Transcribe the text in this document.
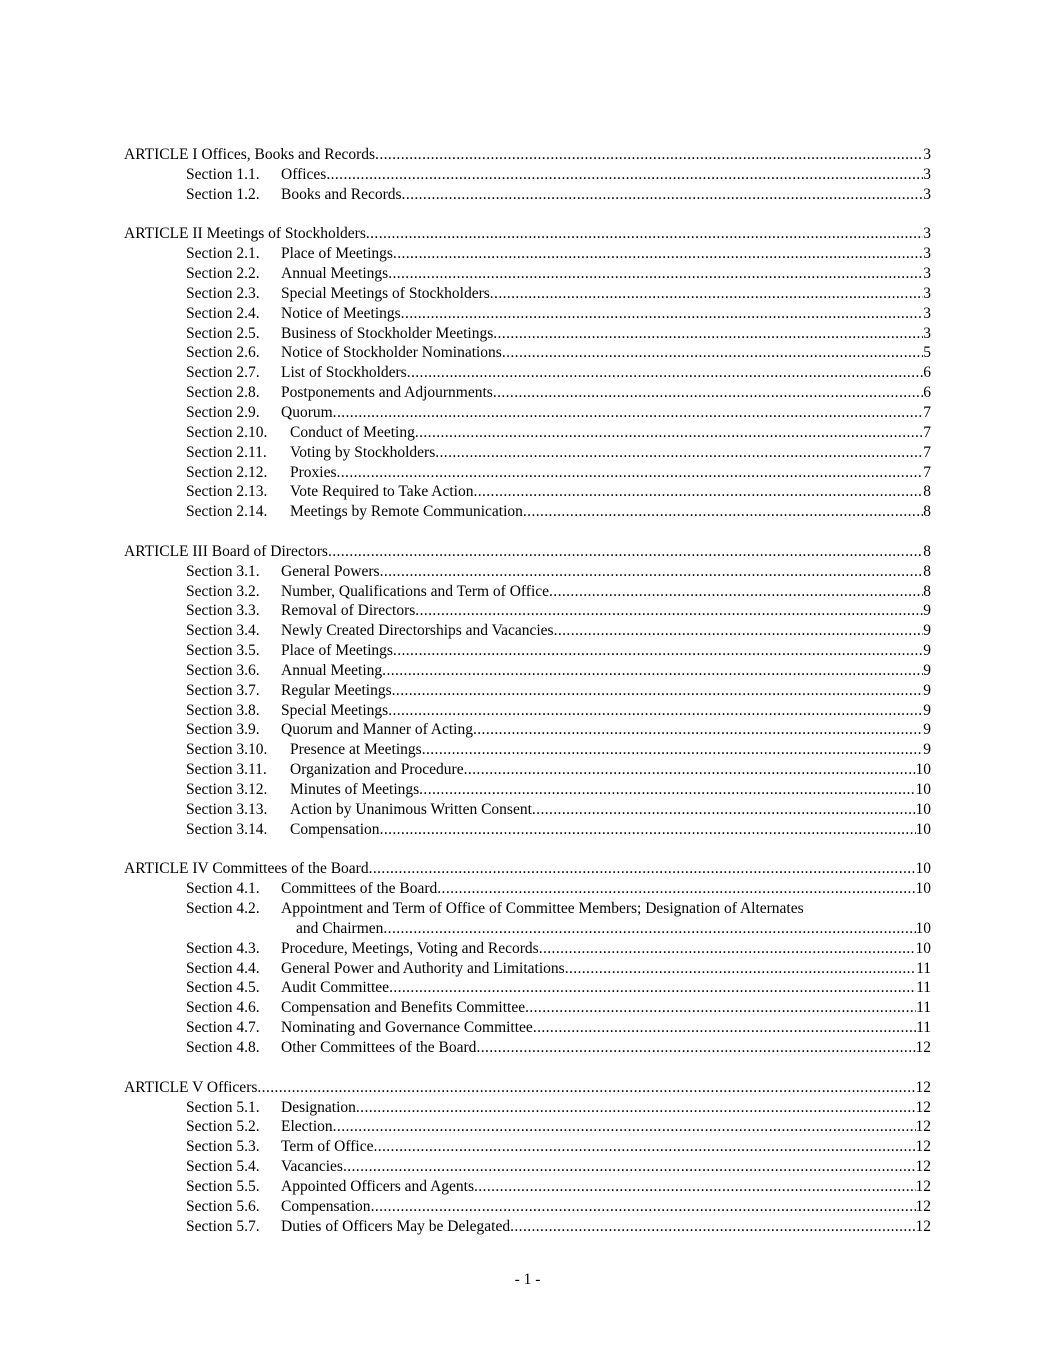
ARTICLE I Offices, Books and Records .....	3
Section 1.1.	Offices .....	3
Section 1.2.	Books and Records .....	3
ARTICLE II Meetings of Stockholders .....	3
Section 2.1.	Place of Meetings .....	3
Section 2.2.	Annual Meetings .....	3
Section 2.3.	Special Meetings of Stockholders .....	3
Section 2.4.	Notice of Meetings .....	3
Section 2.5.	Business of Stockholder Meetings .....	3
Section 2.6.	Notice of Stockholder Nominations .....	5
Section 2.7.	List of Stockholders .....	6
Section 2.8.	Postponements and Adjournments .....	6
Section 2.9.	Quorum .....	7
Section 2.10.	Conduct of Meeting .....	7
Section 2.11.	Voting by Stockholders .....	7
Section 2.12.	Proxies .....	7
Section 2.13.	Vote Required to Take Action .....	8
Section 2.14.	Meetings by Remote Communication .....	8
ARTICLE III Board of Directors .....	8
Section 3.1.	General Powers .....	8
Section 3.2.	Number, Qualifications and Term of Office .....	8
Section 3.3.	Removal of Directors .....	9
Section 3.4.	Newly Created Directorships and Vacancies .....	9
Section 3.5.	Place of Meetings .....	9
Section 3.6.	Annual Meeting .....	9
Section 3.7.	Regular Meetings .....	9
Section 3.8.	Special Meetings .....	9
Section 3.9.	Quorum and Manner of Acting .....	9
Section 3.10.	Presence at Meetings .....	9
Section 3.11.	Organization and Procedure .....	10
Section 3.12.	Minutes of Meetings .....	10
Section 3.13.	Action by Unanimous Written Consent .....	10
Section 3.14.	Compensation .....	10
ARTICLE IV Committees of the Board .....	10
Section 4.1.	Committees of the Board .....	10
Section 4.2.	Appointment and Term of Office of Committee Members; Designation of Alternates
and Chairmen .....	10
Section 4.3.	Procedure, Meetings, Voting and Records .....	10
Section 4.4.	General Power and Authority and Limitations .....	11
Section 4.5.	Audit Committee .....	11
Section 4.6.	Compensation and Benefits Committee .....	11
Section 4.7.	Nominating and Governance Committee .....	11
Section 4.8.	Other Committees of the Board .....	12
ARTICLE V Officers .....	12
Section 5.1.	Designation .....	12
Section 5.2.	Election .....	12
Section 5.3.	Term of Office .....	12
Section 5.4.	Vacancies .....	12
Section 5.5.	Appointed Officers and Agents .....	12
Section 5.6.	Compensation .....	12
Section 5.7.	Duties of Officers May be Delegated .....	12
- 1 -
